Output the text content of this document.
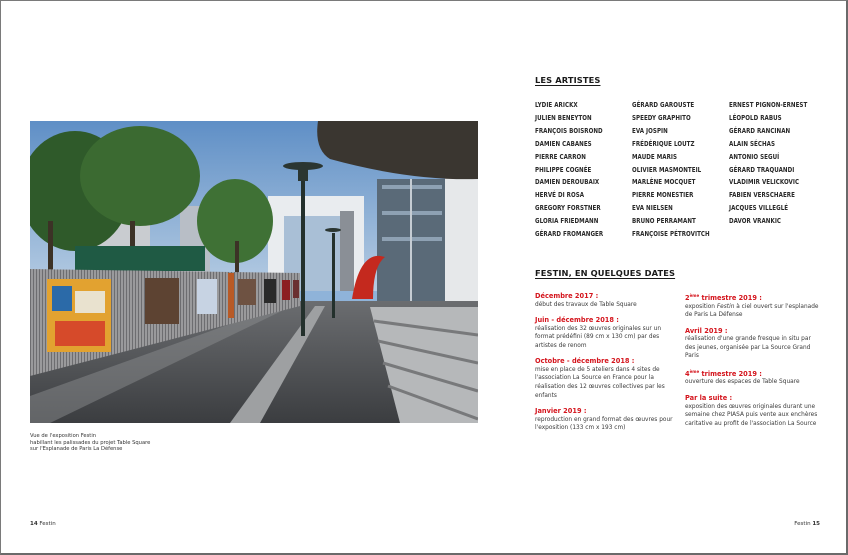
Vue de l'exposition Festin
habillant les palissades du projet Table Square
sur l'Esplanade de Paris La Défense
14 Festin
LES ARTISTES
LYDIE ARICKX
JULIEN BENEYTON
FRANÇOIS BOISROND
DAMIEN CABANES
PIERRE CARRON
PHILIPPE COGNÉE
DAMIEN DEROUBAIX
HERVÉ DI ROSA
GREGORY FORSTNER
GLORIA FRIEDMANN
GÉRARD FROMANGER
GÉRARD GAROUSTE
SPEEDY GRAPHITO
EVA JOSPIN
FRÉDÉRIQUE LOUTZ
MAUDE MARIS
OLIVIER MASMONTEIL
MARLÈNE MOCQUET
PIERRE MONESTIER
EVA NIELSEN
BRUNO PERRAMANT
FRANÇOISE PÉTROVITCH
ERNEST PIGNON-ERNEST
LÉOPOLD RABUS
GÉRARD RANCINAN
ALAIN SÉCHAS
ANTONIO SEGUÍ
GÉRARD TRAQUANDI
VLADIMIR VELICKOVIC
FABIEN VERSCHAERE
JACQUES VILLEGLÉ
DAVOR VRANKIC
FESTIN, EN QUELQUES DATES
Décembre 2017 :
début des travaux de Table Square
Juin - décembre 2018 :
réalisation des 32 œuvres originales sur un format prédéfini (89 cm x 130 cm) par des artistes de renom
Octobre - décembre 2018 :
mise en place de 5 ateliers dans 4 sites de l'association La Source en France pour la réalisation des 12 œuvres collectives par les enfants
Janvier 2019 :
reproduction en grand format des œuvres pour l'exposition (133 cm x 193 cm)
2ème trimestre 2019 :
exposition Festin à ciel ouvert sur l'esplanade de Paris La Défense
Avril 2019 :
réalisation d'une grande fresque in situ par des jeunes, organisée par La Source Grand Paris
4ème trimestre 2019 :
ouverture des espaces de Table Square
Par la suite :
exposition des œuvres originales durant une semaine chez PIASA puis vente aux enchères caritative au profit de l'association La Source
Festin 15
